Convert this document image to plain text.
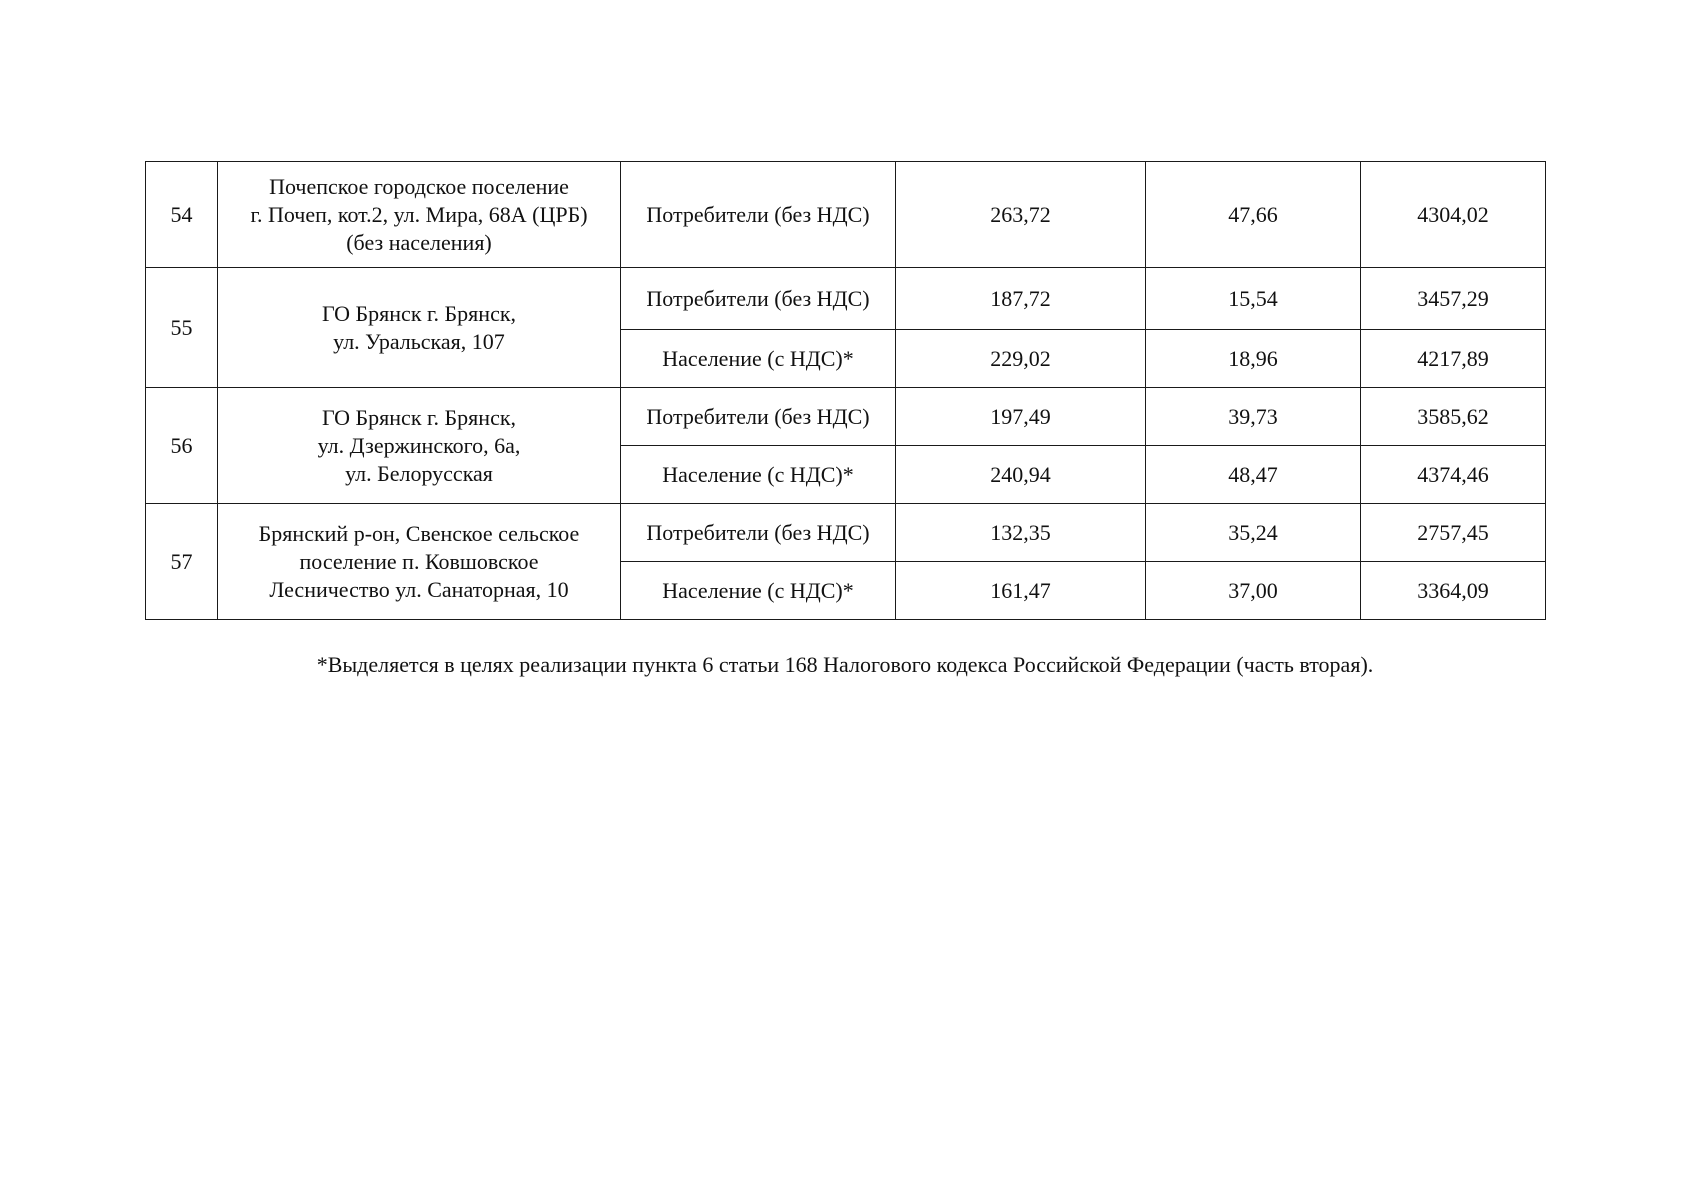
54	Почепское городское поселение
г. Почеп, кот.2, ул. Мира, 68А (ЦРБ)
(без населения)	Потребители (без НДС)	263,72	47,66	4304,02
55	ГО Брянск г. Брянск,
ул. Уральская, 107	Потребители (без НДС)	187,72	15,54	3457,29
		Население (с НДС)*	229,02	18,96	4217,89
56	ГО Брянск г. Брянск,
ул. Дзержинского, 6а,
ул. Белорусская	Потребители (без НДС)	197,49	39,73	3585,62
		Население (с НДС)*	240,94	48,47	4374,46
57	Брянский р-он, Свенское сельское
поселение п. Ковшовское
Лесничество ул. Санаторная, 10	Потребители (без НДС)	132,35	35,24	2757,45
		Население (с НДС)*	161,47	37,00	3364,09
*Выделяется в целях реализации пункта 6 статьи 168 Налогового кодекса Российской Федерации (часть вторая).
